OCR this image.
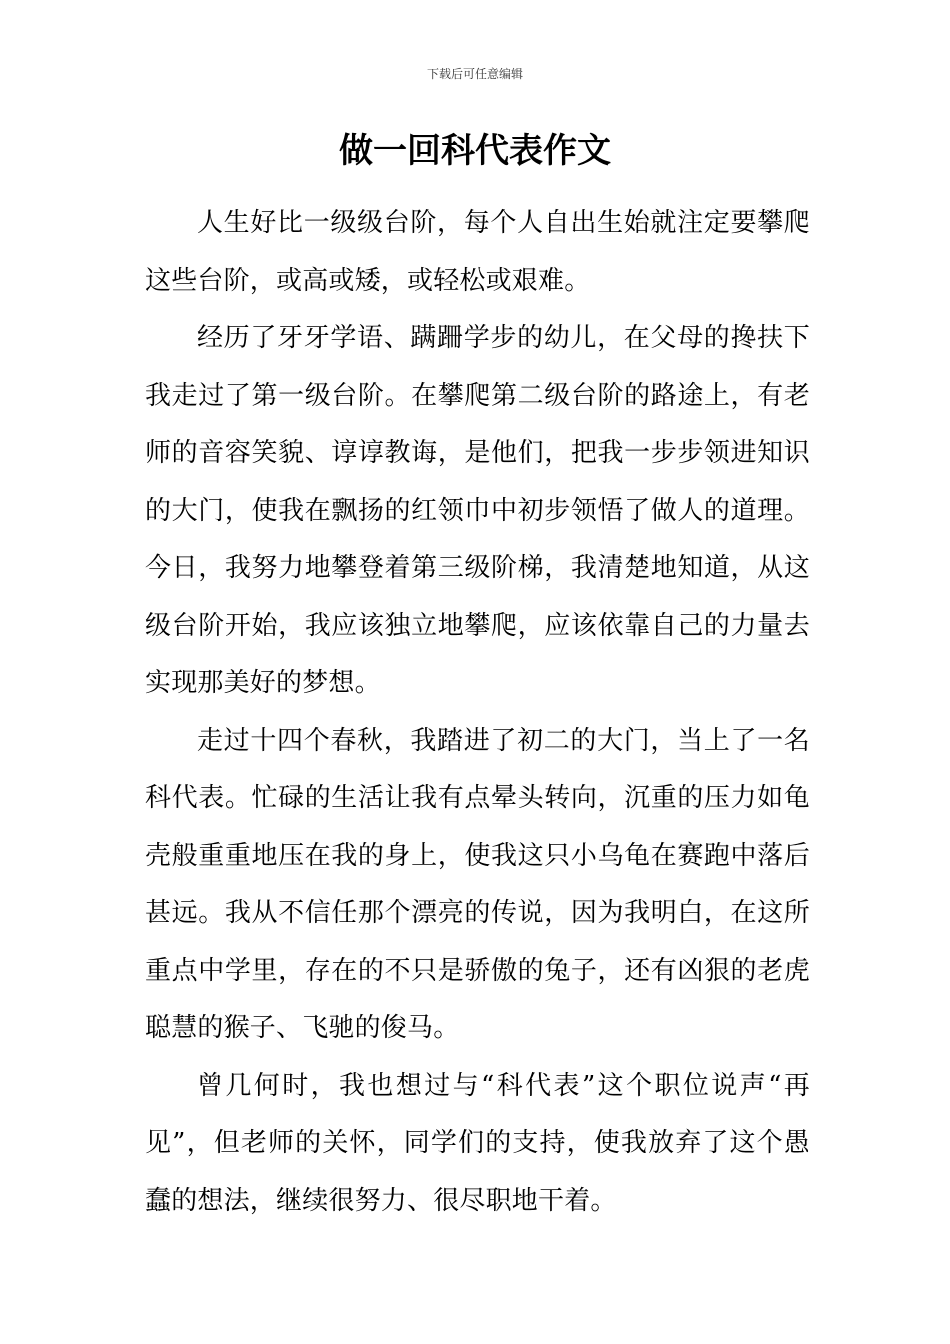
下载后可任意编辑
做一回科代表作文

人生好比一级级台阶，每个人自出生始就注定要攀爬这些台阶，或高或矮，或轻松或艰难。

经历了牙牙学语、蹒跚学步的幼儿，在父母的搀扶下我走过了第一级台阶。在攀爬第二级台阶的路途上，有老师的音容笑貌、谆谆教诲，是他们，把我一步步领进知识的大门，使我在飘扬的红领巾中初步领悟了做人的道理。今日，我努力地攀登着第三级阶梯，我清楚地知道，从这级台阶开始，我应该独立地攀爬，应该依靠自己的力量去实现那美好的梦想。

走过十四个春秋，我踏进了初二的大门，当上了一名科代表。忙碌的生活让我有点晕头转向，沉重的压力如龟壳般重重地压在我的身上，使我这只小乌龟在赛跑中落后甚远。我从不信任那个漂亮的传说，因为我明白，在这所重点中学里，存在的不只是骄傲的兔子，还有凶狠的老虎聪慧的猴子、飞驰的俊马。

曾几何时，我也想过与“科代表”这个职位说声“再见”，但老师的关怀，同学们的支持，使我放弃了这个愚蠢的想法，继续很努力、很尽职地干着。
